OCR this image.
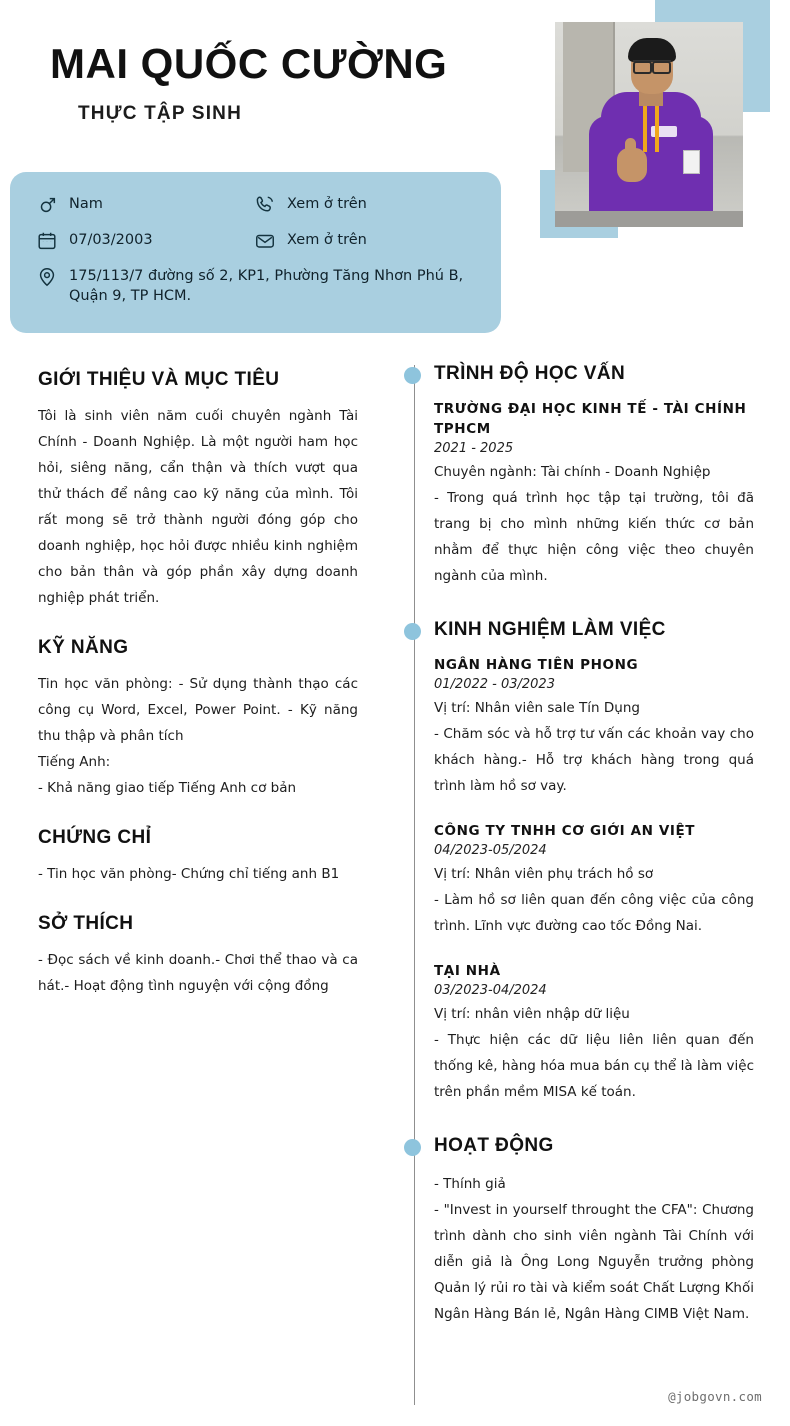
MAI QUỐC CƯỜNG
THỰC TẬP SINH
Nam	Xem ở trên
07/03/2003	Xem ở trên
175/113/7 đường số 2, KP1, Phường Tăng Nhơn Phú B, Quận 9, TP HCM.
GIỚI THIỆU VÀ MỤC TIÊU

Tôi là sinh viên năm cuối chuyên ngành Tài Chính - Doanh Nghiệp. Là một người ham học hỏi, siêng năng, cẩn thận và thích vượt qua thử thách để nâng cao kỹ năng của mình. Tôi rất mong sẽ trở thành người đóng góp cho doanh nghiệp, học hỏi được nhiều kinh nghiệm cho bản thân và góp phần xây dựng doanh nghiệp phát triển.

KỸ NĂNG

Tin học văn phòng: - Sử dụng thành thạo các công cụ Word, Excel, Power Point. - Kỹ năng thu thập và phân tích

Tiếng Anh:

- Khả năng giao tiếp Tiếng Anh cơ bản

CHỨNG CHỈ

- Tin học văn phòng- Chứng chỉ tiếng anh B1

SỞ THÍCH

- Đọc sách về kinh doanh.- Chơi thể thao và ca hát.- Hoạt động tình nguyện với cộng đồng

TRÌNH ĐỘ HỌC VẤN

TRƯỜNG ĐẠI HỌC KINH TẾ - TÀI CHÍNH TPHCM

2021 - 2025

Chuyên ngành: Tài chính - Doanh Nghiệp

- Trong quá trình học tập tại trường, tôi đã trang bị cho mình những kiến thức cơ bản nhằm để thực hiện công việc theo chuyên ngành của mình.

KINH NGHIỆM LÀM VIỆC

NGÂN HÀNG TIÊN PHONG

01/2022 - 03/2023

Vị trí: Nhân viên sale Tín Dụng

- Chăm sóc và hỗ trợ tư vấn các khoản vay cho khách hàng.- Hỗ trợ khách hàng trong quá trình làm hồ sơ vay.

CÔNG TY TNHH CƠ GIỚI AN VIỆT

04/2023-05/2024

Vị trí: Nhân viên phụ trách hồ sơ

- Làm hồ sơ liên quan đến công việc của công trình. Lĩnh vực đường cao tốc Đồng Nai.

TẠI NHÀ

03/2023-04/2024

Vị trí: nhân viên nhập dữ liệu

- Thực hiện các dữ liệu liên liên quan đến thống kê, hàng hóa mua bán cụ thể là làm việc trên phần mềm MISA kế toán.

HOẠT ĐỘNG

- Thính giả

- "Invest in yourself throught the CFA": Chương trình dành cho sinh viên ngành Tài Chính với diễn giả là Ông Long Nguyễn trưởng phòng Quản lý rủi ro tài và kiểm soát Chất Lượng Khối Ngân Hàng Bán lẻ, Ngân Hàng CIMB Việt Nam.

@jobgovn.com
